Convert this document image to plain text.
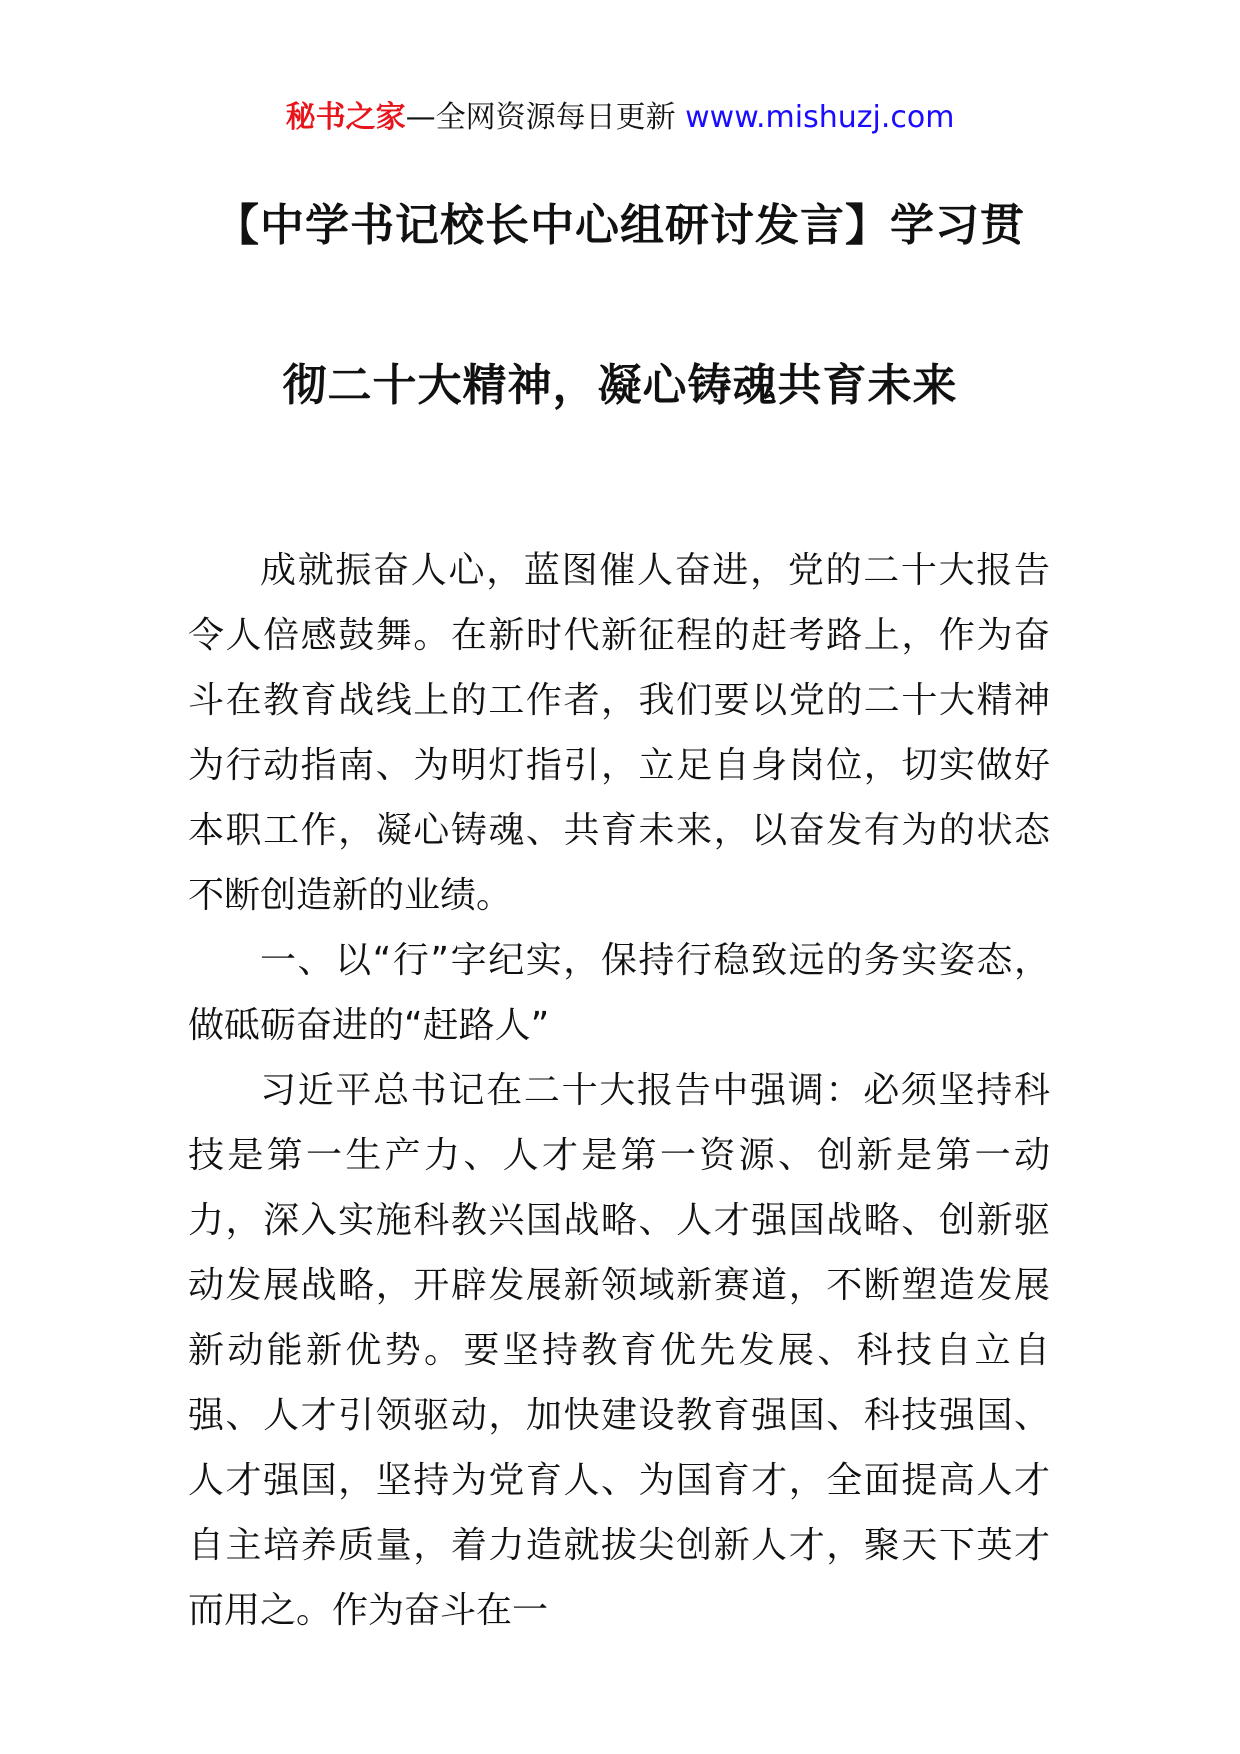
秘书之家—全网资源每日更新 www.mishuzj.com
【中学书记校长中心组研讨发言】学习贯
彻二十大精神，凝心铸魂共育未来

成就振奋人心，蓝图催人奋进，党的二十大报告令人倍感鼓舞。在新时代新征程的赶考路上，作为奋斗在教育战线上的工作者，我们要以党的二十大精神为行动指南、为明灯指引，立足自身岗位，切实做好本职工作，凝心铸魂、共育未来，以奋发有为的状态不断创造新的业绩。

一、以“行”字纪实，保持行稳致远的务实姿态，做砥砺奋进的“赶路人”

习近平总书记在二十大报告中强调：必须坚持科技是第一生产力、人才是第一资源、创新是第一动力，深入实施科教兴国战略、人才强国战略、创新驱动发展战略，开辟发展新领域新赛道，不断塑造发展新动能新优势。要坚持教育优先发展、科技自立自强、人才引领驱动，加快建设教育强国、科技强国、人才强国，坚持为党育人、为国育才，全面提高人才自主培养质量，着力造就拔尖创新人才，聚天下英才而用之。作为奋斗在一
